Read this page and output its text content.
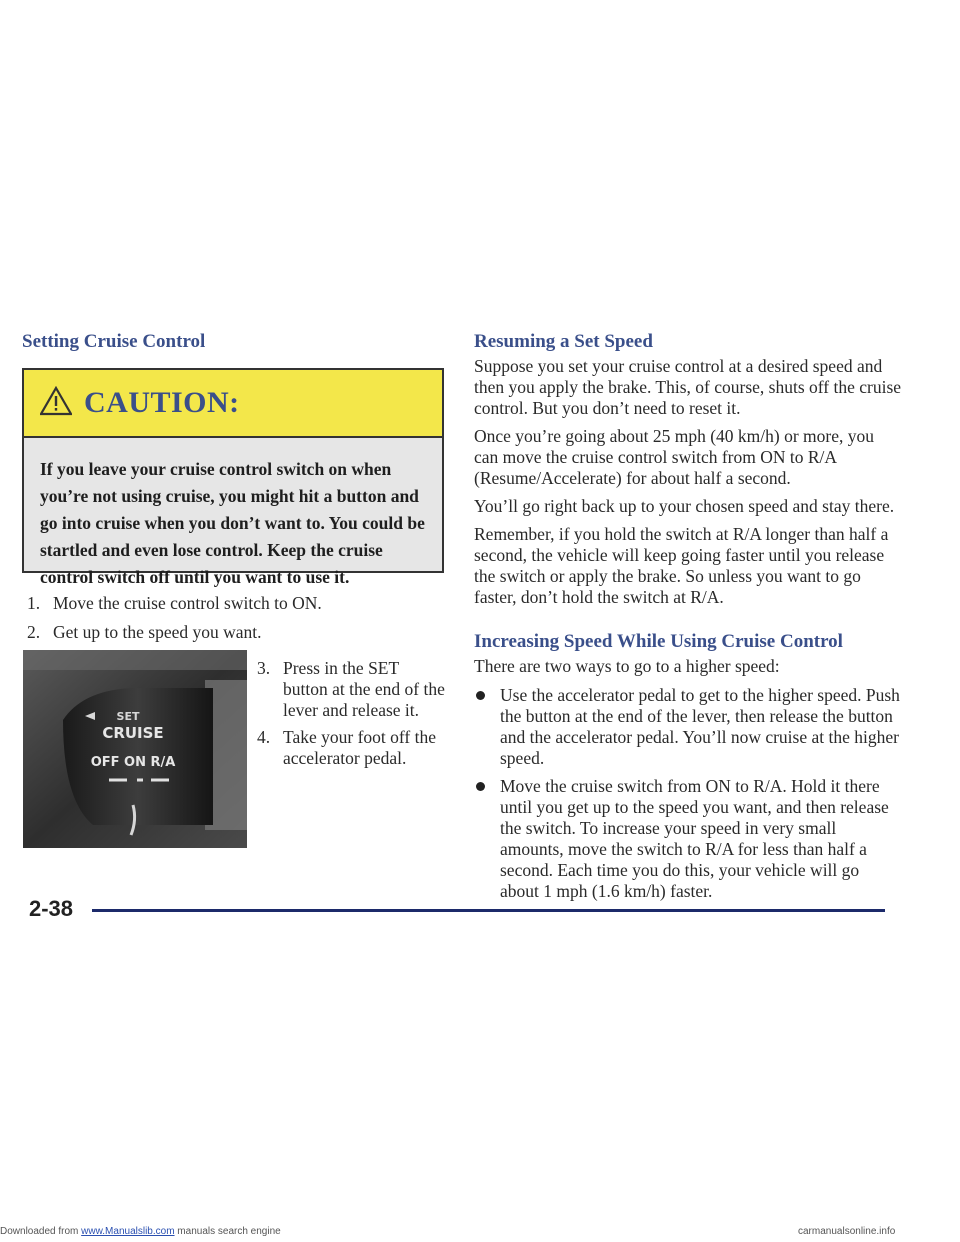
Setting Cruise Control
CAUTION:
If you leave your cruise control switch on when you’re not using cruise, you might hit a button and go into cruise when you don’t want to. You could be startled and even lose control. Keep the cruise control switch off until you want to use it.
1. Move the cruise control switch to ON.
2. Get up to the speed you want.
3. Press in the SET button at the end of the lever and release it.
4. Take your foot off the accelerator pedal.
SET
CRUISE
OFF ON R/A
Resuming a Set Speed

Suppose you set your cruise control at a desired speed and then you apply the brake. This, of course, shuts off the cruise control. But you don’t need to reset it.

Once you’re going about 25 mph (40 km/h) or more, you can move the cruise control switch from ON to R/A (Resume/Accelerate) for about half a second.

You’ll go right back up to your chosen speed and stay there.

Remember, if you hold the switch at R/A longer than half a second, the vehicle will keep going faster until you release the switch or apply the brake. So unless you want to go faster, don’t hold the switch at R/A.

Increasing Speed While Using Cruise Control
There are two ways to go to a higher speed:
Use the accelerator pedal to get to the higher speed. Push the button at the end of the lever, then release the button and the accelerator pedal. You’ll now cruise at the higher speed.
Move the cruise switch from ON to R/A. Hold it there until you get up to the speed you want, and then release the switch. To increase your speed in very small amounts, move the switch to R/A for less than half a second. Each time you do this, your vehicle will go about 1 mph (1.6 km/h) faster.
2-38
Downloaded from www.Manualslib.com manuals search engine	carmanualsonline.info
